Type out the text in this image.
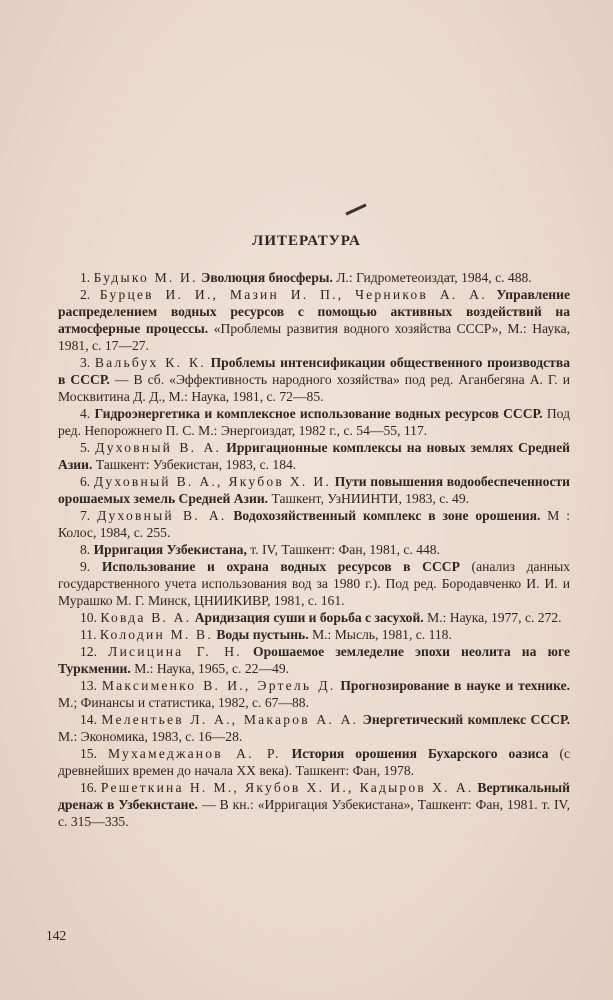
ЛИТЕРАТУРА

1. Будыко М. И. Эволюция биосферы. Л.: Гидрометеоиздат, 1984, с. 488.

2. Бурцев И. И., Мазин И. П., Черников А. А. Управление распределением водных ресурсов с помощью активных воздействий на атмосферные процессы. «Проблемы развития водного хозяйства СССР», М.: Наука, 1981, с. 17—27.

3. Вальбух К. К. Проблемы интенсификации общественного производства в СССР. — В сб. «Эффективность народного хозяйства» под ред. Аганбегяна А. Г. и Москвитина Д. Д., М.: Наука, 1981, с. 72—85.

4. Гидроэнергетика и комплексное использование водных ресурсов СССР. Под ред. Непорожнего П. С. М.: Энергоиздат, 1982 г., с. 54—55, 117.

5. Духовный В. А. Ирригационные комплексы на новых землях Средней Азии. Ташкент: Узбекистан, 1983, с. 184.

6. Духовный В. А., Якубов Х. И. Пути повышения водообеспеченности орошаемых земель Средней Азии. Ташкент, УзНИИНТИ, 1983, с. 49.

7. Духовный В. А. Водохозяйственный комплекс в зоне орошения. М : Колос, 1984, с. 255.

8. Ирригация Узбекистана, т. IV, Ташкент: Фан, 1981, с. 448.

9. Использование и охрана водных ресурсов в СССР (анализ данных государственного учета использования вод за 1980 г.). Под ред. Бородавченко И. И. и Мурашко М. Г. Минск, ЦНИИКИВР, 1981, с. 161.

10. Ковда В. А. Аридизация суши и борьба с засухой. М.: Наука, 1977, с. 272.

11. Колодин М. В. Воды пустынь. М.: Мысль, 1981, с. 118.

12. Лисицина Г. Н. Орошаемое земледелие эпохи неолита на юге Туркмении. М.: Наука, 1965, с. 22—49.

13. Максименко В. И., Эртель Д. Прогнозирование в науке и технике. М.; Финансы и статистика, 1982, с. 67—88.

14. Мелентьев Л. А., Макаров А. А. Энергетический комплекс СССР. М.: Экономика, 1983, с. 16—28.

15. Мухамеджанов А. Р. История орошения Бухарского оазиса (с древнейших времен до начала XX века). Ташкент: Фан, 1978.

16. Решеткина Н. М., Якубов Х. И., Кадыров Х. А. Вертикальный дренаж в Узбекистане. — В кн.: «Ирригация Узбекистана», Ташкент: Фан, 1981. т. IV, с. 315—335.

142
